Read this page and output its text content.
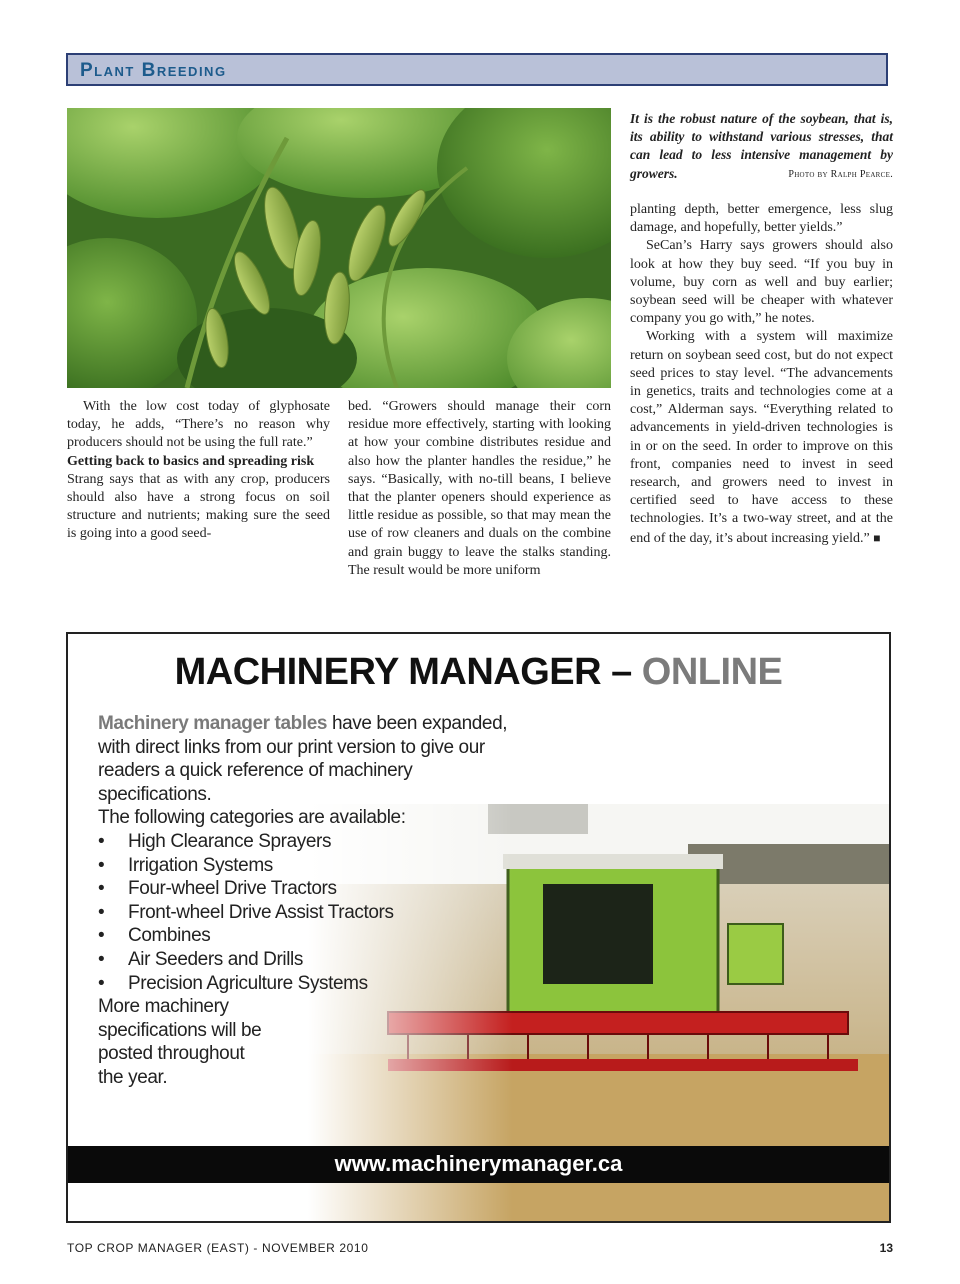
Plant Breeding
It is the robust nature of the soybean, that is, its ability to withstand various stresses, that can lead to less intensive management by growers.	Photo by Ralph Pearce.

With the low cost today of glyphosate today, he adds, “There’s no reason why producers should not be using the full rate.”

Getting back to basics and spreading risk

Strang says that as with any crop, producers should also have a strong focus on soil structure and nutrients; making sure the seed is going into a good seed-

bed. “Growers should manage their corn residue more effectively, starting with looking at how your combine distributes residue and also how the planter handles the residue,” he says. “Basically, with no-till beans, I believe that the planter openers should experience as little residue as possible, so that may mean the use of row cleaners and duals on the combine and grain buggy to leave the stalks standing. The result would be more uniform

planting depth, better emergence, less slug damage, and hopefully, better yields.”

SeCan’s Harry says growers should also look at how they buy seed. “If you buy in volume, buy corn as well and buy earlier; soybean seed will be cheaper with whatever company you go with,” he notes.

Working with a system will maximize return on soybean seed cost, but do not expect seed prices to stay level. “The advancements in genetics, traits and technologies come at a cost,” Alderman says. “Everything related to advancements in yield-driven technologies is in or on the seed. In order to improve on this front, companies need to invest in seed research, and growers need to invest in certified seed to have access to these technologies. It’s a two-way street, and at the end of the day, it’s about increasing yield.” ■

MACHINERY MANAGER – ONLINE
Machinery manager tables have been expanded, with direct links from our print version to give our readers a quick reference of machinery specifications.
The following categories are available:
• High Clearance Sprayers
• Irrigation Systems
• Four-wheel Drive Tractors
• Front-wheel Drive Assist Tractors
• Combines
• Air Seeders and Drills
• Precision Agriculture Systems
More machinery
specifications will be
posted throughout
the year.
www.machinerymanager.ca
TOP CROP MANAGER (EAST) - NOVEMBER 2010	13
